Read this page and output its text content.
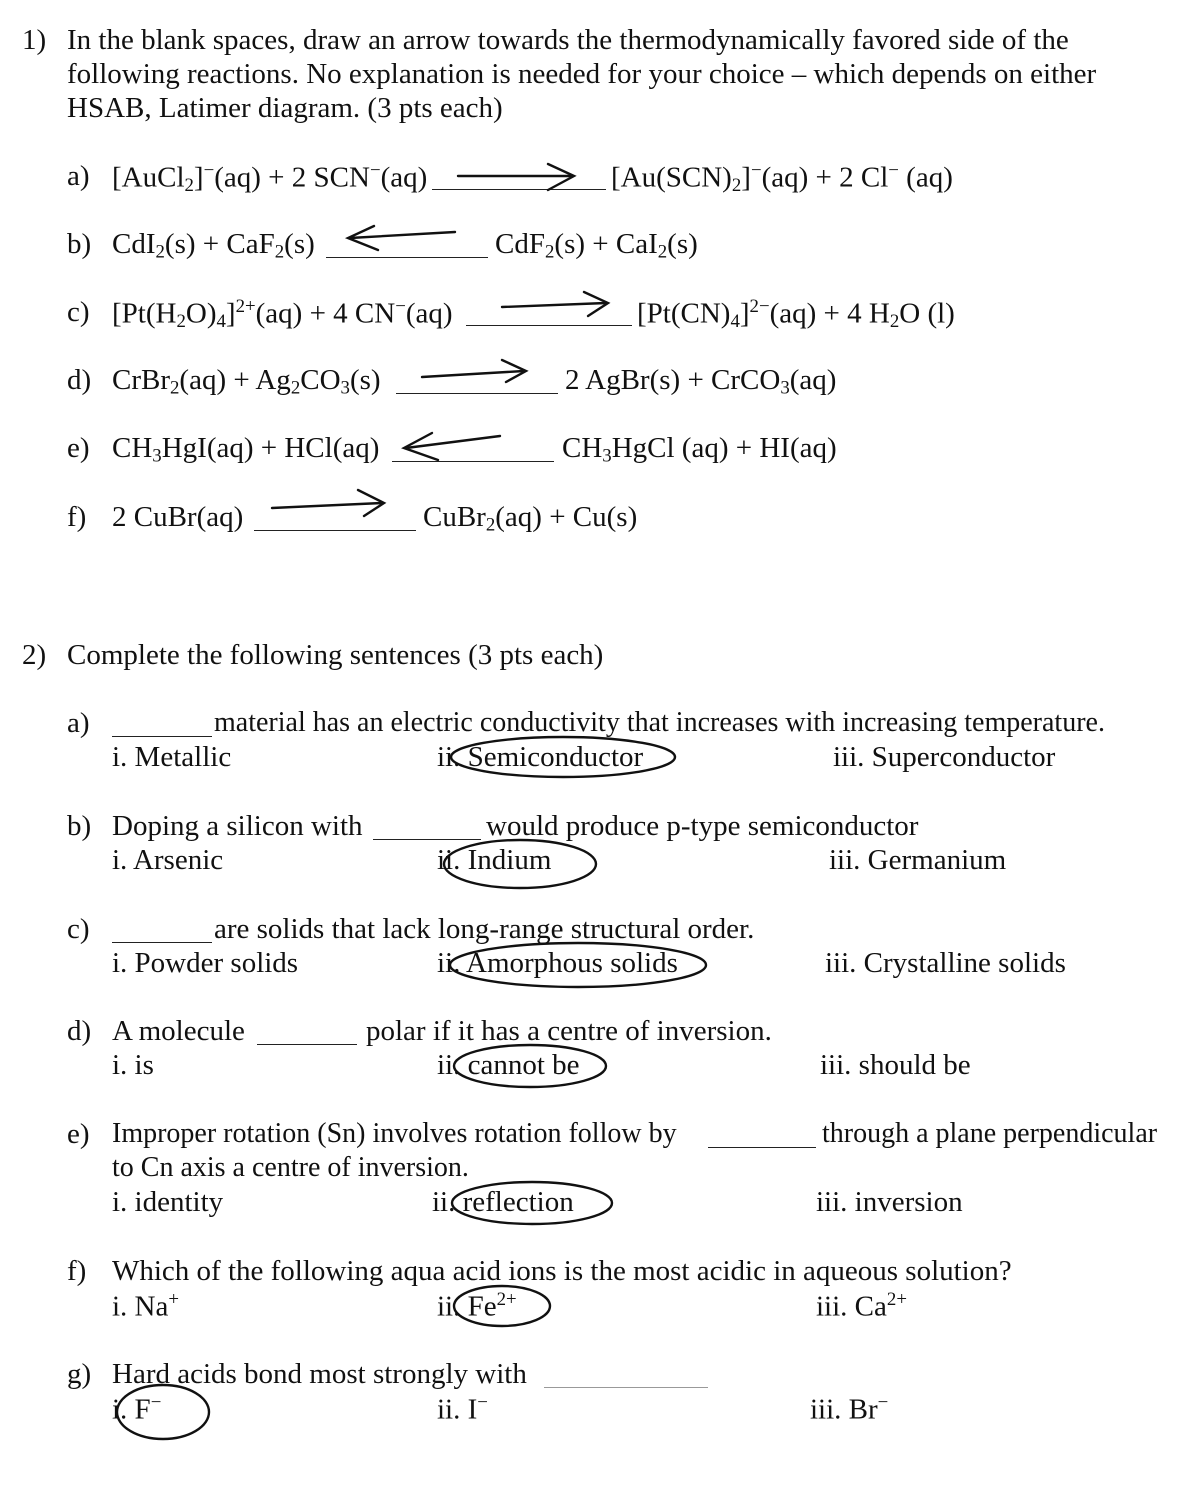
1) In the blank spaces, draw an arrow towards the thermodynamically favored side of the
following reactions. No explanation is needed for your choice – which depends on either
HSAB, Latimer diagram. (3 pts each)
a) [AuCl$_2$]−(aq) + 2 SCN−(aq)	$[Au(SCN)_2]^-(aq) + 2$ Cl− (aq)
b) CdI$_2$(s) + CaF$_2$(s)	CdF$_2$(s) + CaI$_2$(s)
c) $[Pt(H_2O)_4]^{2+}(aq) + 4$ CN−(aq)	$[Pt(CN)_4]^{2-}(aq) + 4$ $H_2O$ (l)
d) CrBr$_2$(aq) + $Ag_2CO_3(s)$	2 AgBr(s) + CrCO$_3$(aq)
e) $CH_3HgI(aq) + HCl(aq)$	$CH_3HgCl$ (aq) + HI(aq)
f) 2 CuBr(aq)	CuBr$_2$(aq) + Cu(s)
2) Complete the following sentences (3 pts each)
a)	material has an electric conductivity that increases with increasing temperature.
i. Metallic	ii. Semiconductor	iii. Superconductor
b) Doping a silicon with	would produce p-type semiconductor
i. Arsenic	ii. Indium	iii. Germanium
c)	are solids that lack long-range structural order.
i. Powder solids	ii. Amorphous solids	iii. Crystalline solids
d) A molecule	polar if it has a centre of inversion.
i. is	ii. cannot be	iii. should be
e) Improper rotation (Sn) involves rotation follow by	through a plane perpendicular
to Cn axis a centre of inversion.
i. identity	ii. reflection	iii. inversion
f) Which of the following aqua acid ions is the most acidic in aqueous solution?
i. Na+	ii. $Fe^{2+}$	iii. $Ca^{2+}$
g) Hard acids bond most strongly with
i. F−	ii. I−	iii. Br−
